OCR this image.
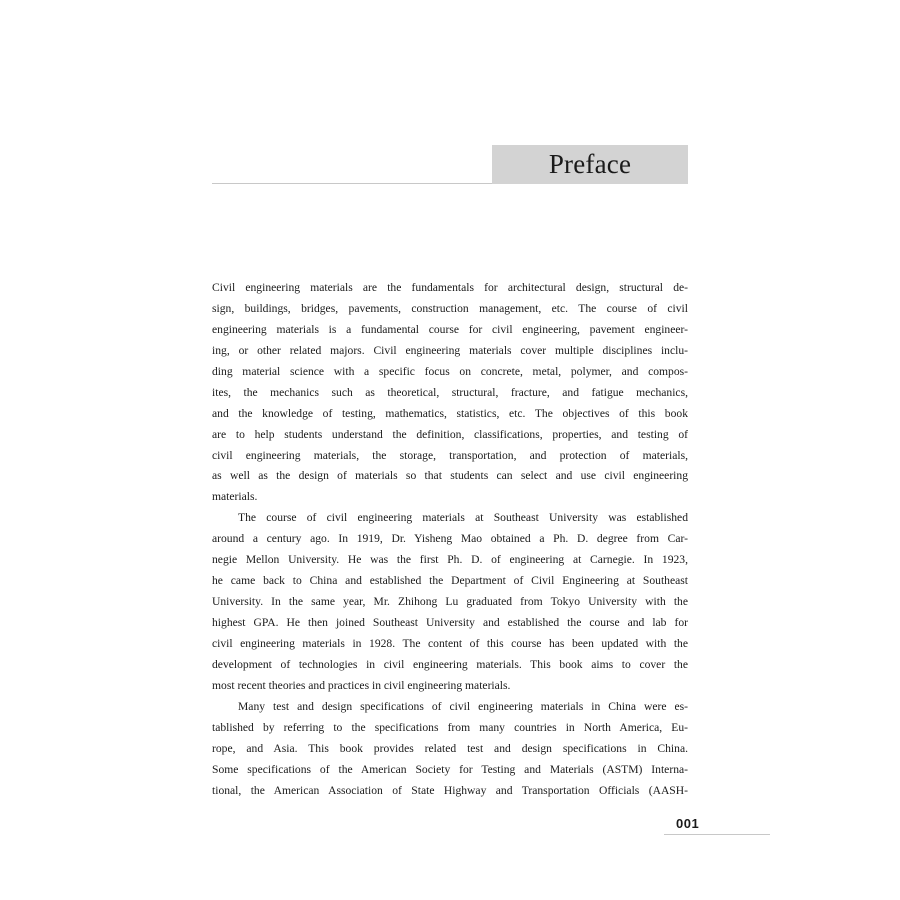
Preface
Civil engineering materials are the fundamentals for architectural design, structural de-
sign, buildings, bridges, pavements, construction management, etc. The course of civil
engineering materials is a fundamental course for civil engineering, pavement engineer-
ing, or other related majors. Civil engineering materials cover multiple disciplines inclu-
ding material science with a specific focus on concrete, metal, polymer, and compos-
ites, the mechanics such as theoretical, structural, fracture, and fatigue mechanics,
and the knowledge of testing, mathematics, statistics, etc. The objectives of this book
are to help students understand the definition, classifications, properties, and testing of
civil engineering materials, the storage, transportation, and protection of materials,
as well as the design of materials so that students can select and use civil engineering
materials.
The course of civil engineering materials at Southeast University was established
around a century ago. In 1919, Dr. Yisheng Mao obtained a Ph. D. degree from Car-
negie Mellon University. He was the first Ph. D. of engineering at Carnegie. In 1923,
he came back to China and established the Department of Civil Engineering at Southeast
University. In the same year, Mr. Zhihong Lu graduated from Tokyo University with the
highest GPA. He then joined Southeast University and established the course and lab for
civil engineering materials in 1928. The content of this course has been updated with the
development of technologies in civil engineering materials. This book aims to cover the
most recent theories and practices in civil engineering materials.
Many test and design specifications of civil engineering materials in China were es-
tablished by referring to the specifications from many countries in North America, Eu-
rope, and Asia. This book provides related test and design specifications in China.
Some specifications of the American Society for Testing and Materials (ASTM) Interna-
tional, the American Association of State Highway and Transportation Officials (AASH-
001
